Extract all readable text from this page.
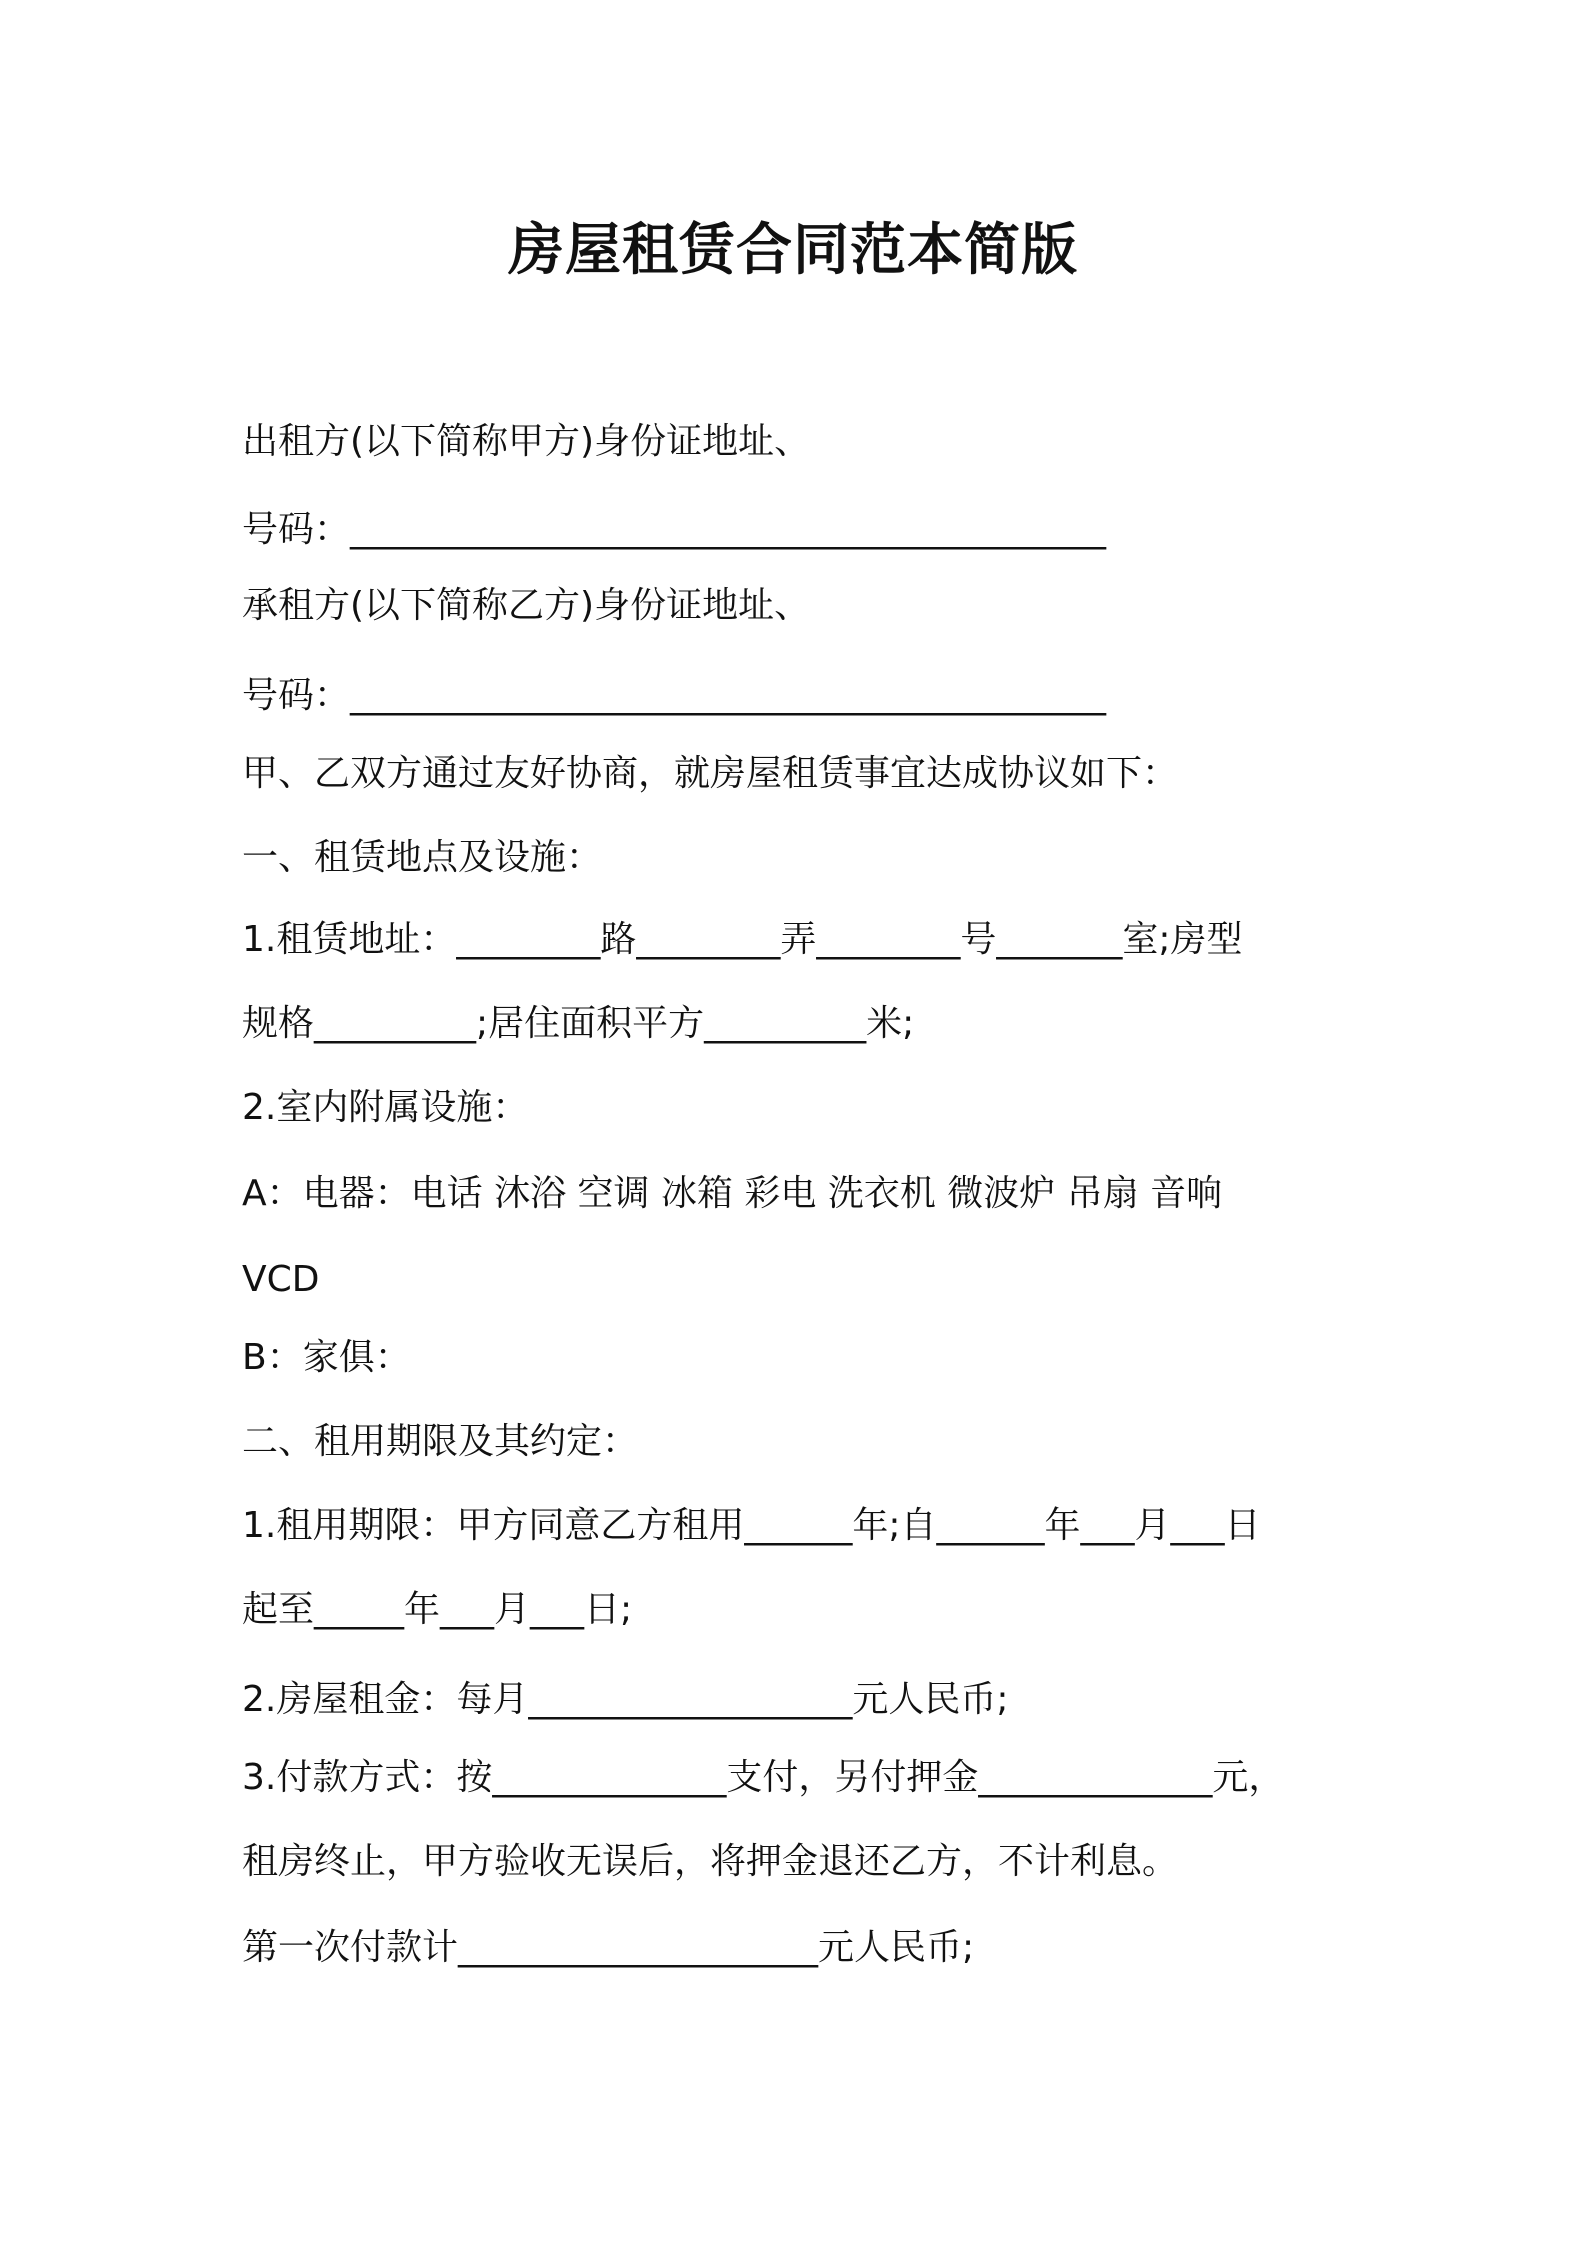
房屋租赁合同范本简版
出租方(以下简称甲方)身份证地址、
号码：__________________________________________
承租方(以下简称乙方)身份证地址、
号码：__________________________________________
甲、乙双方通过友好协商，就房屋租赁事宜达成协议如下：
一、租赁地点及设施：
1.租赁地址：________路________弄________号_______室;房型
规格_________;居住面积平方_________米;
2.室内附属设施：
A：电器：电话 沐浴 空调 冰箱 彩电 洗衣机 微波炉 吊扇 音响
VCD
B：家俱：
二、租用期限及其约定：
1.租用期限：甲方同意乙方租用______年;自______年___月___日
起至_____年___月___日;
2.房屋租金：每月__________________元人民币;
3.付款方式：按_____________支付，另付押金_____________元，
租房终止，甲方验收无误后，将押金退还乙方，不计利息。
第一次付款计____________________元人民币;
